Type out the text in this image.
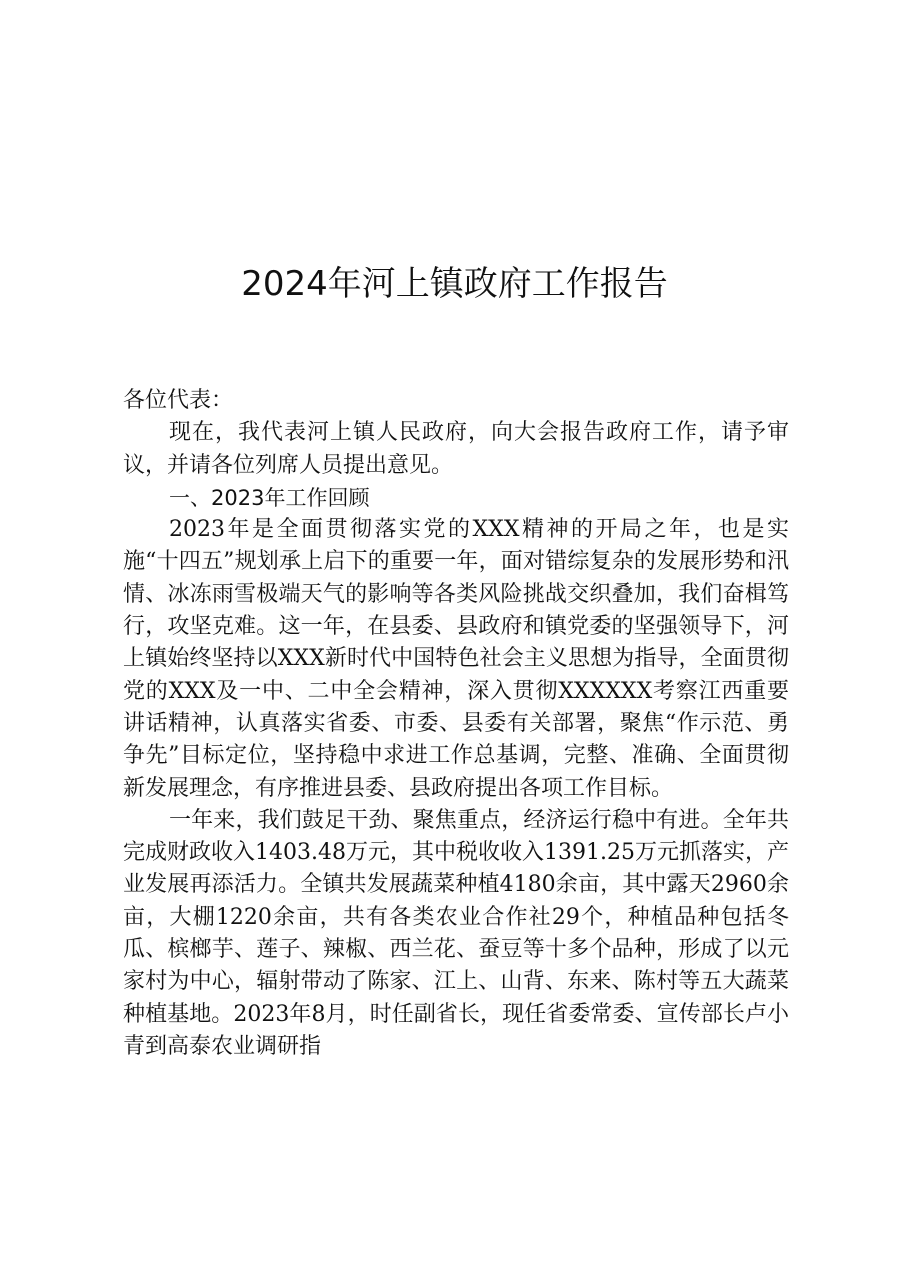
2024年河上镇政府工作报告

各位代表：

现在，我代表河上镇人民政府，向大会报告政府工作，请予审议，并请各位列席人员提出意见。

一、2023年工作回顾

2023年是全面贯彻落实党的XXX精神的开局之年，也是实施“十四五”规划承上启下的重要一年，面对错综复杂的发展形势和汛情、冰冻雨雪极端天气的影响等各类风险挑战交织叠加，我们奋楫笃行，攻坚克难。这一年，在县委、县政府和镇党委的坚强领导下，河上镇始终坚持以XXX新时代中国特色社会主义思想为指导，全面贯彻党的XXX及一中、二中全会精神，深入贯彻XXXXXX考察江西重要讲话精神，认真落实省委、市委、县委有关部署，聚焦“作示范、勇争先”目标定位，坚持稳中求进工作总基调，完整、准确、全面贯彻新发展理念，有序推进县委、县政府提出各项工作目标。

一年来，我们鼓足干劲、聚焦重点，经济运行稳中有进。全年共完成财政收入1403.48万元，其中税收收入1391.25万元抓落实，产业发展再添活力。全镇共发展蔬菜种植4180余亩，其中露天2960余亩，大棚1220余亩，共有各类农业合作社29个，种植品种包括冬瓜、槟榔芋、莲子、辣椒、西兰花、蚕豆等十多个品种，形成了以元家村为中心，辐射带动了陈家、江上、山背、东来、陈村等五大蔬菜种植基地。2023年8月，时任副省长，现任省委常委、宣传部长卢小青到高泰农业调研指
